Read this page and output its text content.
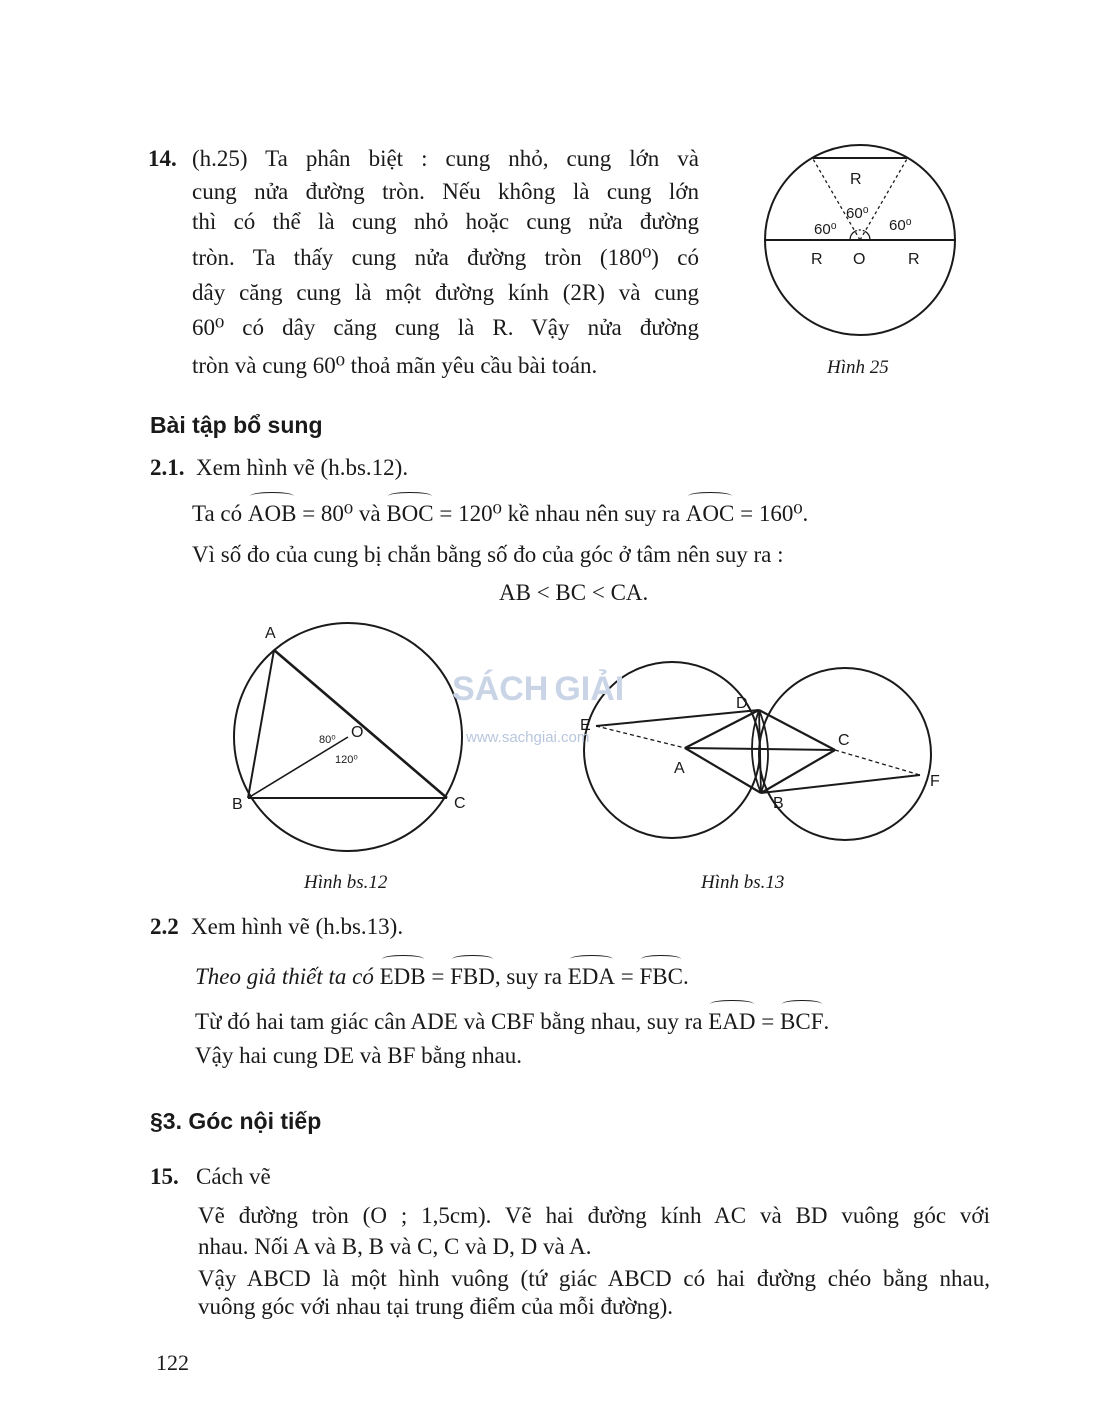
14. (h.25) Ta phân biệt : cung nhỏ, cung lớn và
cung nửa đường tròn. Nếu không là cung lớn
thì có thể là cung nhỏ hoặc cung nửa đường
tròn. Ta thấy cung nửa đường tròn (180⁰) có
dây căng cung là một đường kính (2R) và cung
60⁰ có dây căng cung là R. Vậy nửa đường
tròn và cung 60⁰ thoả mãn yêu cầu bài toán.
R
60⁰
60⁰	60⁰
R O	R
Hình 25
Bài tập bổ sung
2.1. Xem hình vẽ (h.bs.12).
Ta có AOB = 80⁰ và BOC = 120⁰ kề nhau nên suy ra AOC = 160⁰.
Vì số đo của cung bị chắn bằng số đo của góc ở tâm nên suy ra :
AB < BC < CA.
A
B	C
O
80⁰
120⁰
Hình bs.12
D
E
A
C
B
F
Hình bs.13
SÁCH GIẢI
www.sachgiai.com
2.2 Xem hình vẽ (h.bs.13).
Theo giả thiết ta có EDB = FBD, suy ra EDA = FBC.
Từ đó hai tam giác cân ADE và CBF bằng nhau, suy ra EAD = BCF.
Vậy hai cung DE và BF bằng nhau.
§3. Góc nội tiếp
15. Cách vẽ
Vẽ đường tròn (O ; 1,5cm). Vẽ hai đường kính AC và BD vuông góc với
nhau. Nối A và B, B và C, C và D, D và A.
Vậy ABCD là một hình vuông (tứ giác ABCD có hai đường chéo bằng nhau,
vuông góc với nhau tại trung điểm của mỗi đường).
122
